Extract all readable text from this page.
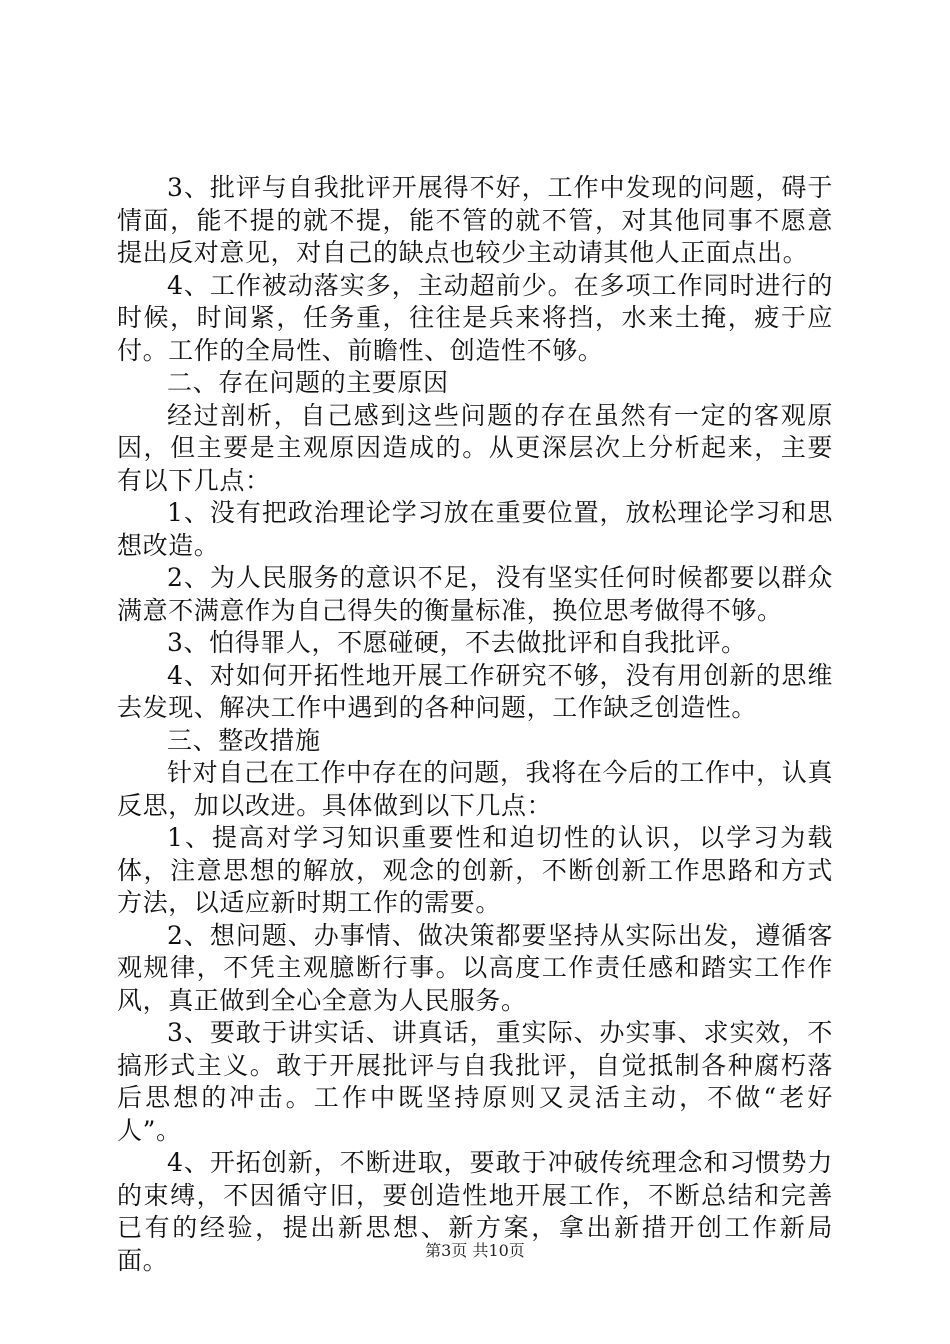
3、批评与自我批评开展得不好，工作中发现的问题，碍于情面，能不提的就不提，能不管的就不管，对其他同事不愿意提出反对意见，对自己的缺点也较少主动请其他人正面点出。

4、工作被动落实多，主动超前少。在多项工作同时进行的时候，时间紧，任务重，往往是兵来将挡，水来土掩，疲于应付。工作的全局性、前瞻性、创造性不够。

二、存在问题的主要原因

经过剖析，自己感到这些问题的存在虽然有一定的客观原因，但主要是主观原因造成的。从更深层次上分析起来，主要有以下几点：

1、没有把政治理论学习放在重要位置，放松理论学习和思想改造。

2、为人民服务的意识不足，没有坚实任何时候都要以群众满意不满意作为自己得失的衡量标准，换位思考做得不够。

3、怕得罪人，不愿碰硬，不去做批评和自我批评。

4、对如何开拓性地开展工作研究不够，没有用创新的思维去发现、解决工作中遇到的各种问题，工作缺乏创造性。

三、整改措施

针对自己在工作中存在的问题，我将在今后的工作中，认真反思，加以改进。具体做到以下几点：

1、提高对学习知识重要性和迫切性的认识，以学习为载体，注意思想的解放，观念的创新，不断创新工作思路和方式方法，以适应新时期工作的需要。

2、想问题、办事情、做决策都要坚持从实际出发，遵循客观规律，不凭主观臆断行事。以高度工作责任感和踏实工作作风，真正做到全心全意为人民服务。

3、要敢于讲实话、讲真话，重实际、办实事、求实效，不搞形式主义。敢于开展批评与自我批评，自觉抵制各种腐朽落后思想的冲击。工作中既坚持原则又灵活主动，不做“老好人”。

4、开拓创新，不断进取，要敢于冲破传统理念和习惯势力的束缚，不因循守旧，要创造性地开展工作，不断总结和完善已有的经验，提出新思想、新方案，拿出新措开创工作新局面。	第3页 共10页
